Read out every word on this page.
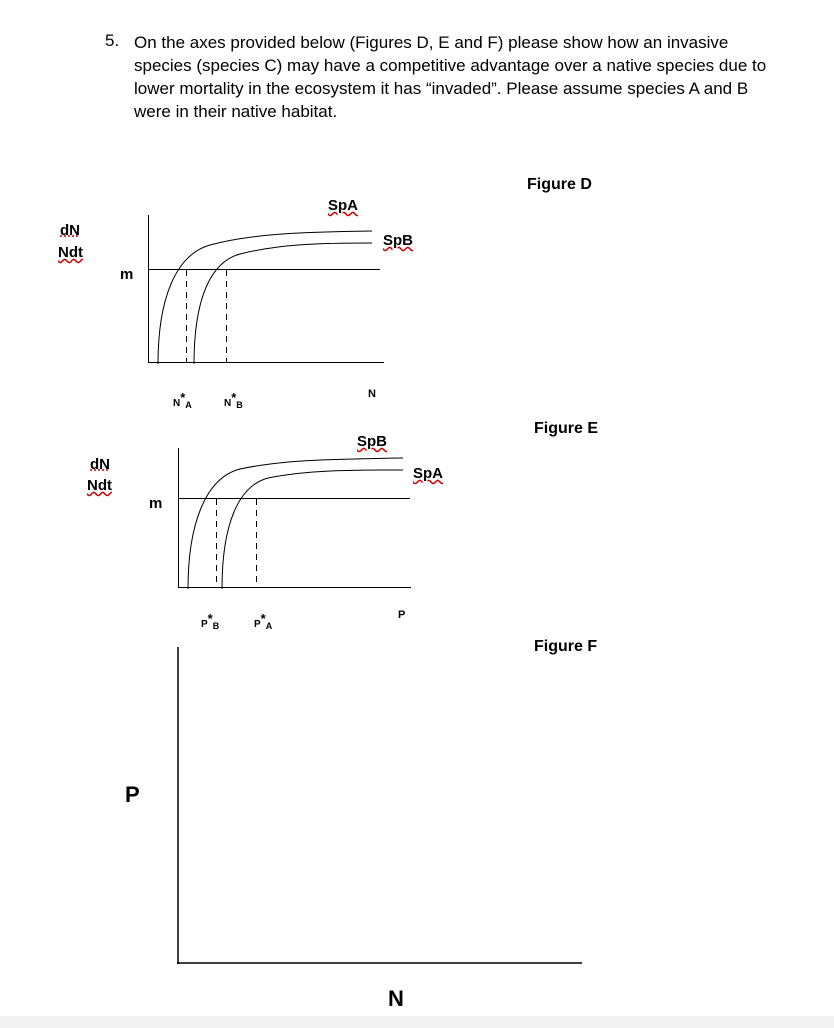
5. On the axes provided below (Figures D, E and F) please show how an invasive species (species C) may have a competitive advantage over a native species due to lower mortality in the ecosystem it has “invaded”. Please assume species A and B were in their native habitat.
Figure D
dN
Ndt
m
SpA
SpB
N
N*A	N*B
Figure E
dN
Ndt
m
SpB
SpA
P
P*B	P*A
Figure F
P
N
